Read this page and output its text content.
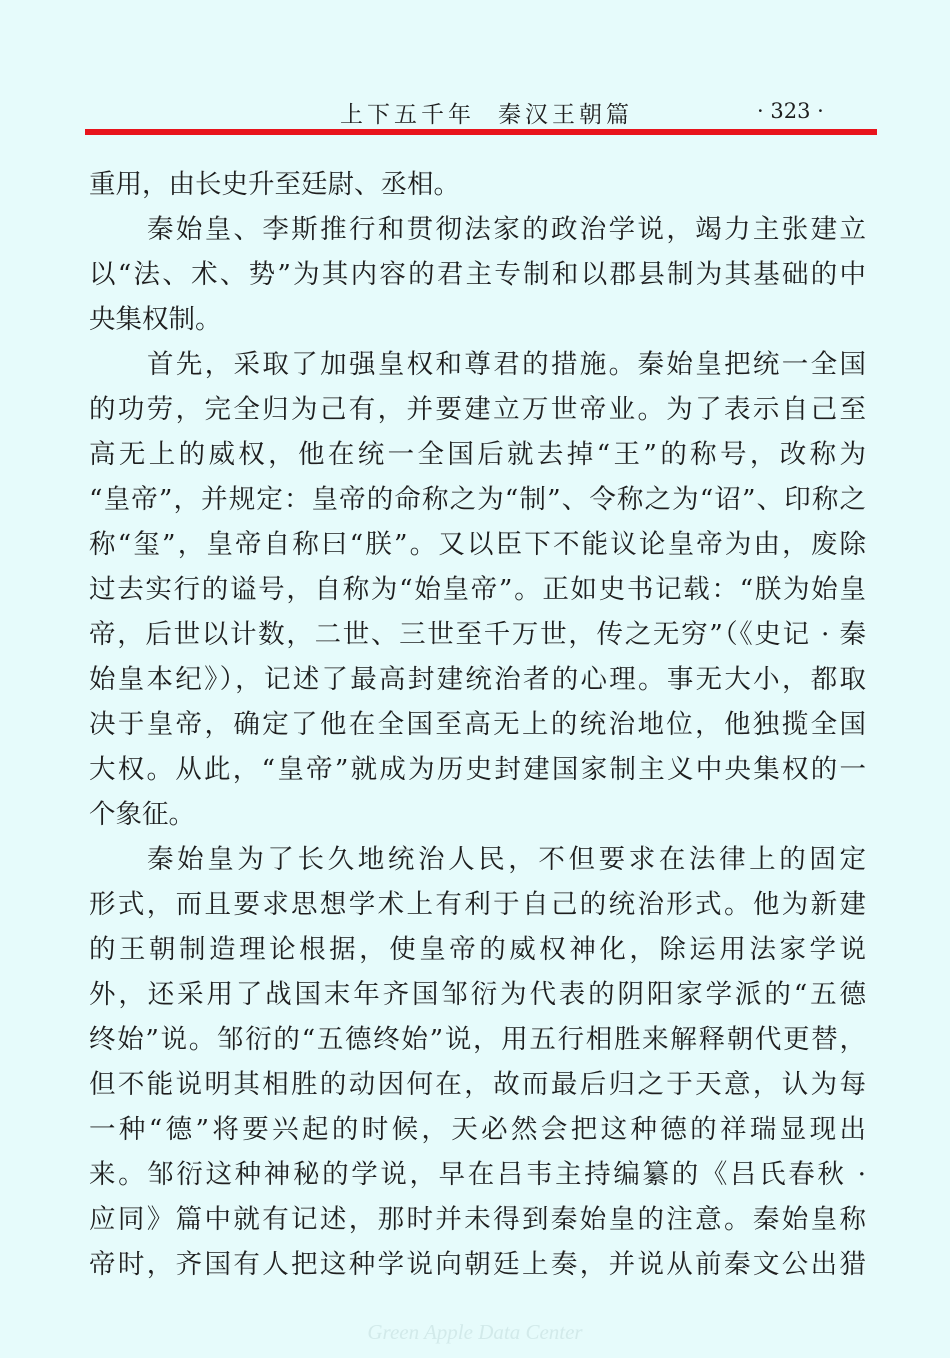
上下五千年 秦汉王朝篇	· 323 ·
重用，由长史升至廷尉、丞相。
秦始皇、李斯推行和贯彻法家的政治学说，竭力主张建立
以“法、术、势”为其内容的君主专制和以郡县制为其基础的中
央集权制。
首先，采取了加强皇权和尊君的措施。秦始皇把统一全国
的功劳，完全归为己有，并要建立万世帝业。为了表示自己至
高无上的威权，他在统一全国后就去掉“王”的称号，改称为
“皇帝”，并规定：皇帝的命称之为“制”、令称之为“诏”、印称之
称“玺”，皇帝自称曰“朕”。又以臣下不能议论皇帝为由，废除
过去实行的谥号，自称为“始皇帝”。正如史书记载：“朕为始皇
帝，后世以计数，二世、三世至千万世，传之无穷”（《史记 · 秦
始皇本纪》），记述了最高封建统治者的心理。事无大小，都取
决于皇帝，确定了他在全国至高无上的统治地位，他独揽全国
大权。从此，“皇帝”就成为历史封建国家制主义中央集权的一
个象征。
秦始皇为了长久地统治人民，不但要求在法律上的固定
形式，而且要求思想学术上有利于自己的统治形式。他为新建
的王朝制造理论根据，使皇帝的威权神化，除运用法家学说
外，还采用了战国末年齐国邹衍为代表的阴阳家学派的“五德
终始”说。邹衍的“五德终始”说，用五行相胜来解释朝代更替，
但不能说明其相胜的动因何在，故而最后归之于天意，认为每
一种“德”将要兴起的时候，天必然会把这种德的祥瑞显现出
来。邹衍这种神秘的学说，早在吕韦主持编纂的《吕氏春秋 ·
应同》篇中就有记述，那时并未得到秦始皇的注意。秦始皇称
帝时，齐国有人把这种学说向朝廷上奏，并说从前秦文公出猎
Green Apple Data Center
